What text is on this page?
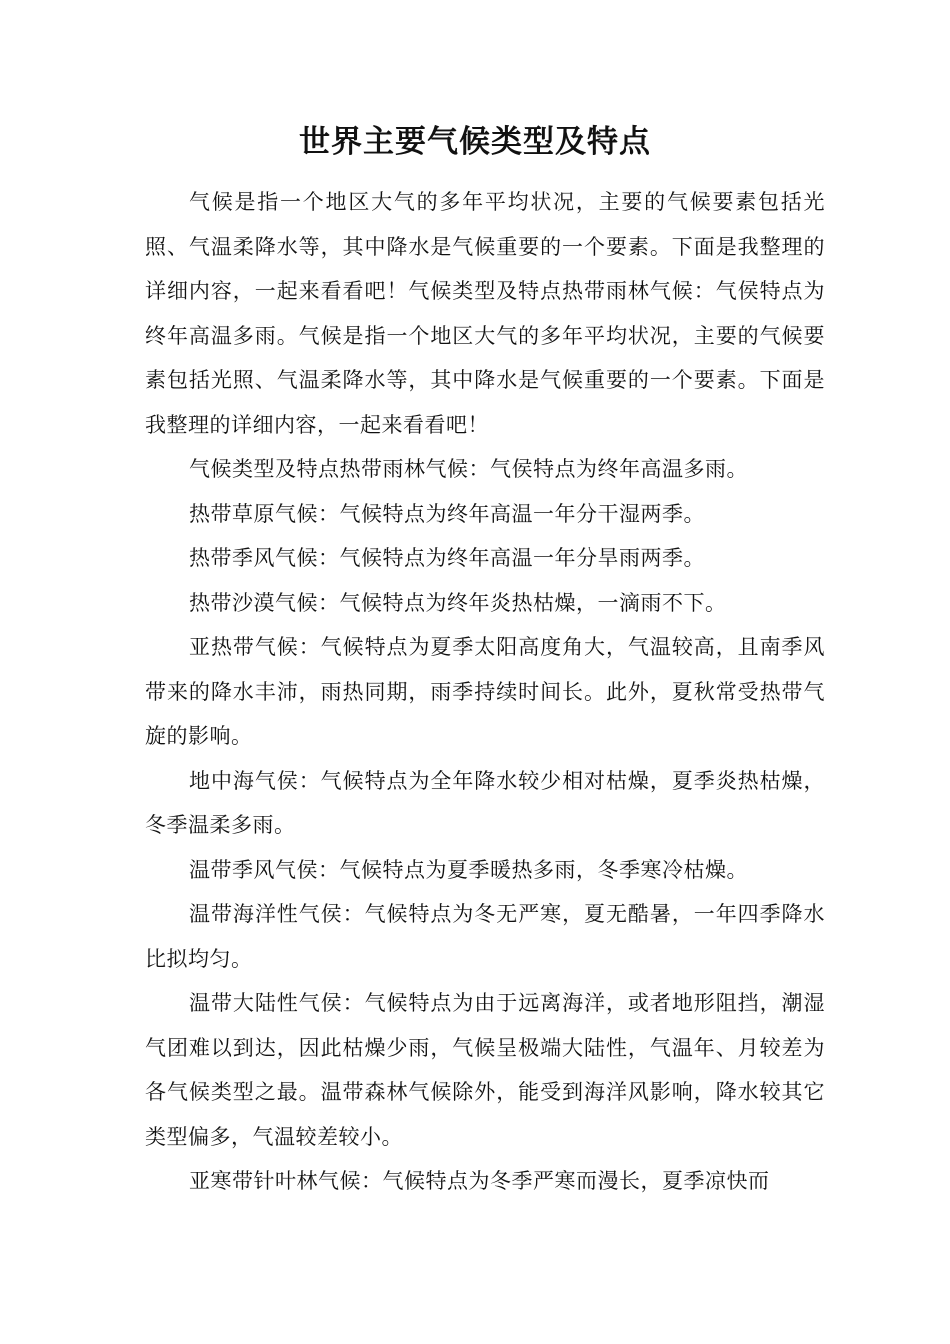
世界主要气候类型及特点

气候是指一个地区大气的多年平均状况，主要的气候要素包括光照、气温柔降水等，其中降水是气候重要的一个要素。下面是我整理的详细内容，一起来看看吧！气候类型及特点热带雨林气候：气侯特点为终年高温多雨。气候是指一个地区大气的多年平均状况，主要的气候要素包括光照、气温柔降水等，其中降水是气候重要的一个要素。下面是我整理的详细内容，一起来看看吧！

气候类型及特点热带雨林气候：气侯特点为终年高温多雨。

热带草原气候：气候特点为终年高温一年分干湿两季。

热带季风气候：气候特点为终年高温一年分旱雨两季。

热带沙漠气候：气候特点为终年炎热枯燥，一滴雨不下。

亚热带气候：气候特点为夏季太阳高度角大，气温较高，且南季风带来的降水丰沛，雨热同期，雨季持续时间长。此外，夏秋常受热带气旋的影响。

地中海气侯：气候特点为全年降水较少相对枯燥，夏季炎热枯燥，冬季温柔多雨。

温带季风气侯：气候特点为夏季暖热多雨，冬季寒冷枯燥。

温带海洋性气侯：气候特点为冬无严寒，夏无酷暑，一年四季降水比拟均匀。

温带大陆性气侯：气候特点为由于远离海洋，或者地形阻挡，潮湿气团难以到达，因此枯燥少雨，气候呈极端大陆性，气温年、月较差为各气候类型之最。温带森林气候除外，能受到海洋风影响，降水较其它类型偏多，气温较差较小。

亚寒带针叶林气候：气候特点为冬季严寒而漫长，夏季凉快而
